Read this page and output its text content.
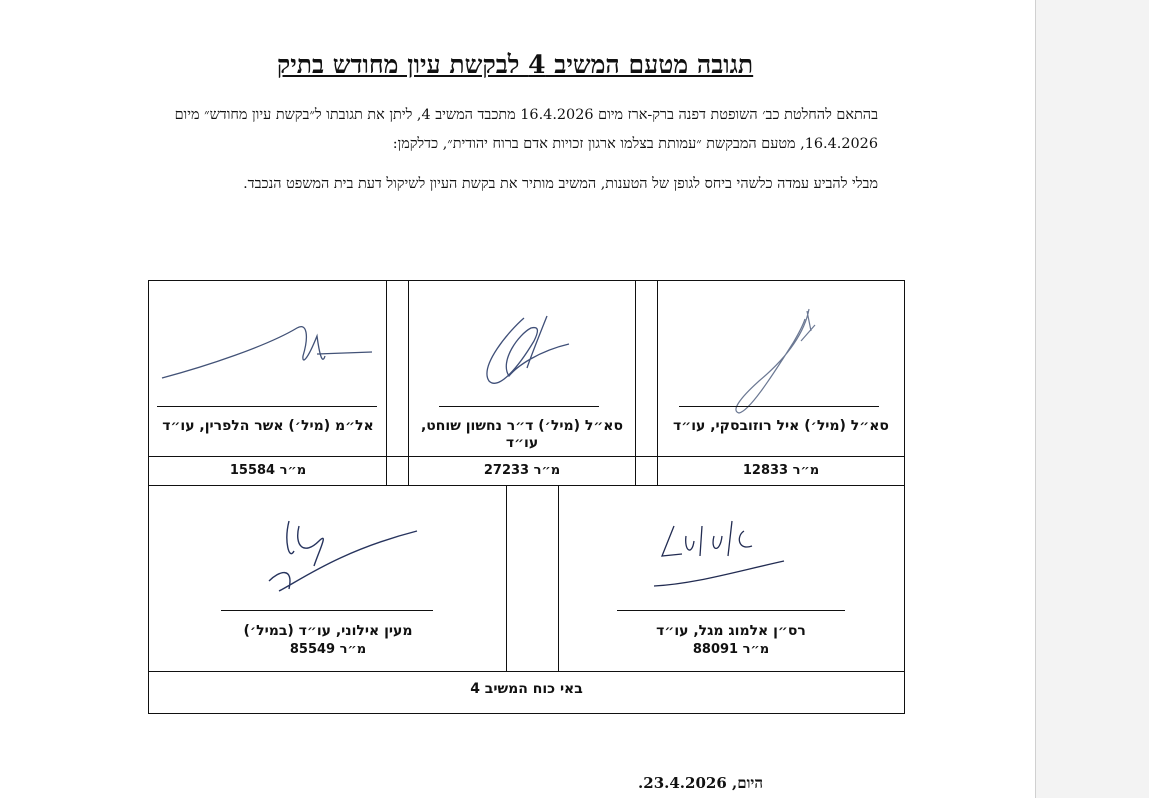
תגובה מטעם המשיב 4 לבקשת עיון מחודש בתיק

בהתאם להחלטת כב׳ השופטת דפנה ברק-ארז מיום 16.4.2026 מתכבד המשיב 4, ליתן את תגובתו ל״בקשת עיון מחודש״ מיום 16.4.2026, מטעם המבקשת ״עמותת בצלמו ארגון זכויות אדם ברוח יהודית״, כדלקמן:

מבלי להביע עמדה כלשהי ביחס לגופן של הטענות, המשיב מותיר את בקשת העיון לשיקול דעת בית המשפט הנכבד.

סא״ל (מיל׳) איל רוזובסקי, עו״ד
מ״ר 12833
סא״ל (מיל׳) ד״ר נחשון שוחט, עו״ד
מ״ר 27233
אל״מ (מיל׳) אשר הלפרין, עו״ד
מ״ר 15584
רס״ן אלמוג מגל, עו״ד
מ״ר 88091
מעין אילוני, עו״ד (במיל׳)
מ״ר 85549
באי כוח המשיב 4
היום, 23.4.2026.
